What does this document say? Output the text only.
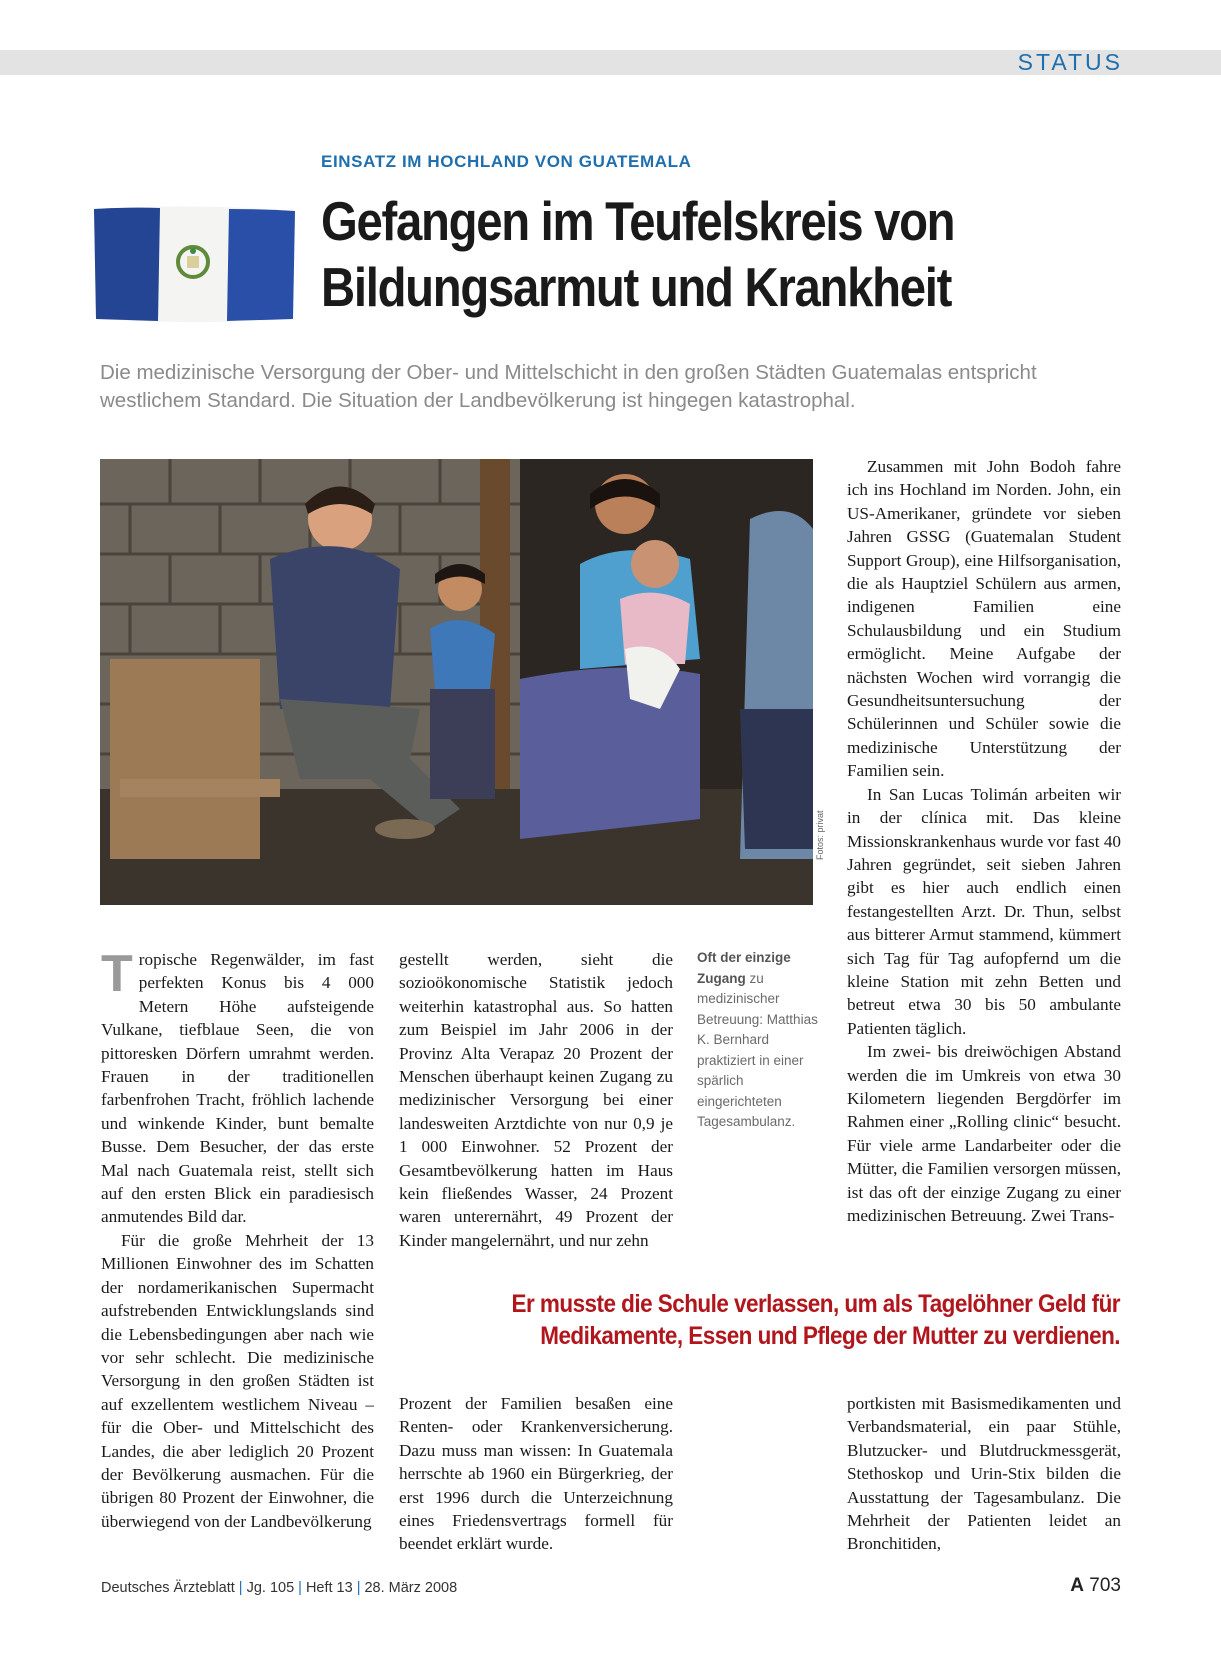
STATUS
EINSATZ IM HOCHLAND VON GUATEMALA
Gefangen im Teufelskreis von
Bildungsarmut und Krankheit
Die medizinische Versorgung der Ober- und Mittelschicht in den großen Städten Guatemalas entspricht westlichem Standard. Die Situation der Landbevölkerung ist hingegen katastrophal.
Fotos: privat

Tropische Regenwälder, im fast perfekten Konus bis 4 000 Metern Höhe aufsteigende Vulkane, tiefblaue Seen, die von pittoresken Dörfern umrahmt werden. Frauen in der traditionellen farbenfrohen Tracht, fröhlich lachende und winkende Kinder, bunt bemalte Busse. Dem Besucher, der das erste Mal nach Guatemala reist, stellt sich auf den ersten Blick ein paradiesisch anmutendes Bild dar.

Für die große Mehrheit der 13 Millionen Einwohner des im Schatten der nordamerikanischen Supermacht aufstrebenden Entwicklungslands sind die Lebensbedingungen aber nach wie vor sehr schlecht. Die medizinische Versorgung in den großen Städten ist auf exzellentem westlichem Niveau – für die Ober- und Mittelschicht des Landes, die aber lediglich 20 Prozent der Bevölkerung ausmachen. Für die übrigen 80 Prozent der Einwohner, die überwiegend von der Landbevölkerung

gestellt werden, sieht die sozioökonomische Statistik jedoch weiterhin katastrophal aus. So hatten zum Beispiel im Jahr 2006 in der Provinz Alta Verapaz 20 Prozent der Menschen überhaupt keinen Zugang zu medizinischer Versorgung bei einer landesweiten Arztdichte von nur 0,9 je 1 000 Einwohner. 52 Prozent der Gesamtbevölkerung hatten im Haus kein fließendes Wasser, 24 Prozent waren unterernährt, 49 Prozent der Kinder mangelernährt, und nur zehn

Oft der einzige Zugang zu medizinischer Betreuung: Matthias K. Bernhard praktiziert in einer spärlich eingerichteten Tagesambulanz.

Zusammen mit John Bodoh fahre ich ins Hochland im Norden. John, ein US-Amerikaner, gründete vor sieben Jahren GSSG (Guatemalan Student Support Group), eine Hilfsorganisation, die als Hauptziel Schülern aus armen, indigenen Familien eine Schulausbildung und ein Studium ermöglicht. Meine Aufgabe der nächsten Wochen wird vorrangig die Gesundheitsuntersuchung der Schülerinnen und Schüler sowie die medizinische Unterstützung der Familien sein.

In San Lucas Tolimán arbeiten wir in der clínica mit. Das kleine Missionskrankenhaus wurde vor fast 40 Jahren gegründet, seit sieben Jahren gibt es hier auch endlich einen festangestellten Arzt. Dr. Thun, selbst aus bitterer Armut stammend, kümmert sich Tag für Tag aufopfernd um die kleine Station mit zehn Betten und betreut etwa 30 bis 50 ambulante Patienten täglich.

Im zwei- bis dreiwöchigen Abstand werden die im Umkreis von etwa 30 Kilometern liegenden Bergdörfer im Rahmen einer „Rolling clinic“ besucht. Für viele arme Landarbeiter oder die Mütter, die Familien versorgen müssen, ist das oft der einzige Zugang zu einer medizinischen Betreuung. Zwei Trans-

Er musste die Schule verlassen, um als Tagelöhner Geld für
Medikamente, Essen und Pflege der Mutter zu verdienen.

Prozent der Familien besaßen eine Renten- oder Krankenversicherung. Dazu muss man wissen: In Guatemala herrschte ab 1960 ein Bürgerkrieg, der erst 1996 durch die Unterzeichnung eines Friedensvertrags formell für beendet erklärt wurde.

portkisten mit Basismedikamenten und Verbandsmaterial, ein paar Stühle, Blutzucker- und Blutdruckmessgerät, Stethoskop und Urin-Stix bilden die Ausstattung der Tagesambulanz. Die Mehrheit der Patienten leidet an Bronchitiden,

Deutsches Ärzteblatt | Jg. 105 | Heft 13 | 28. März 2008	A 703
